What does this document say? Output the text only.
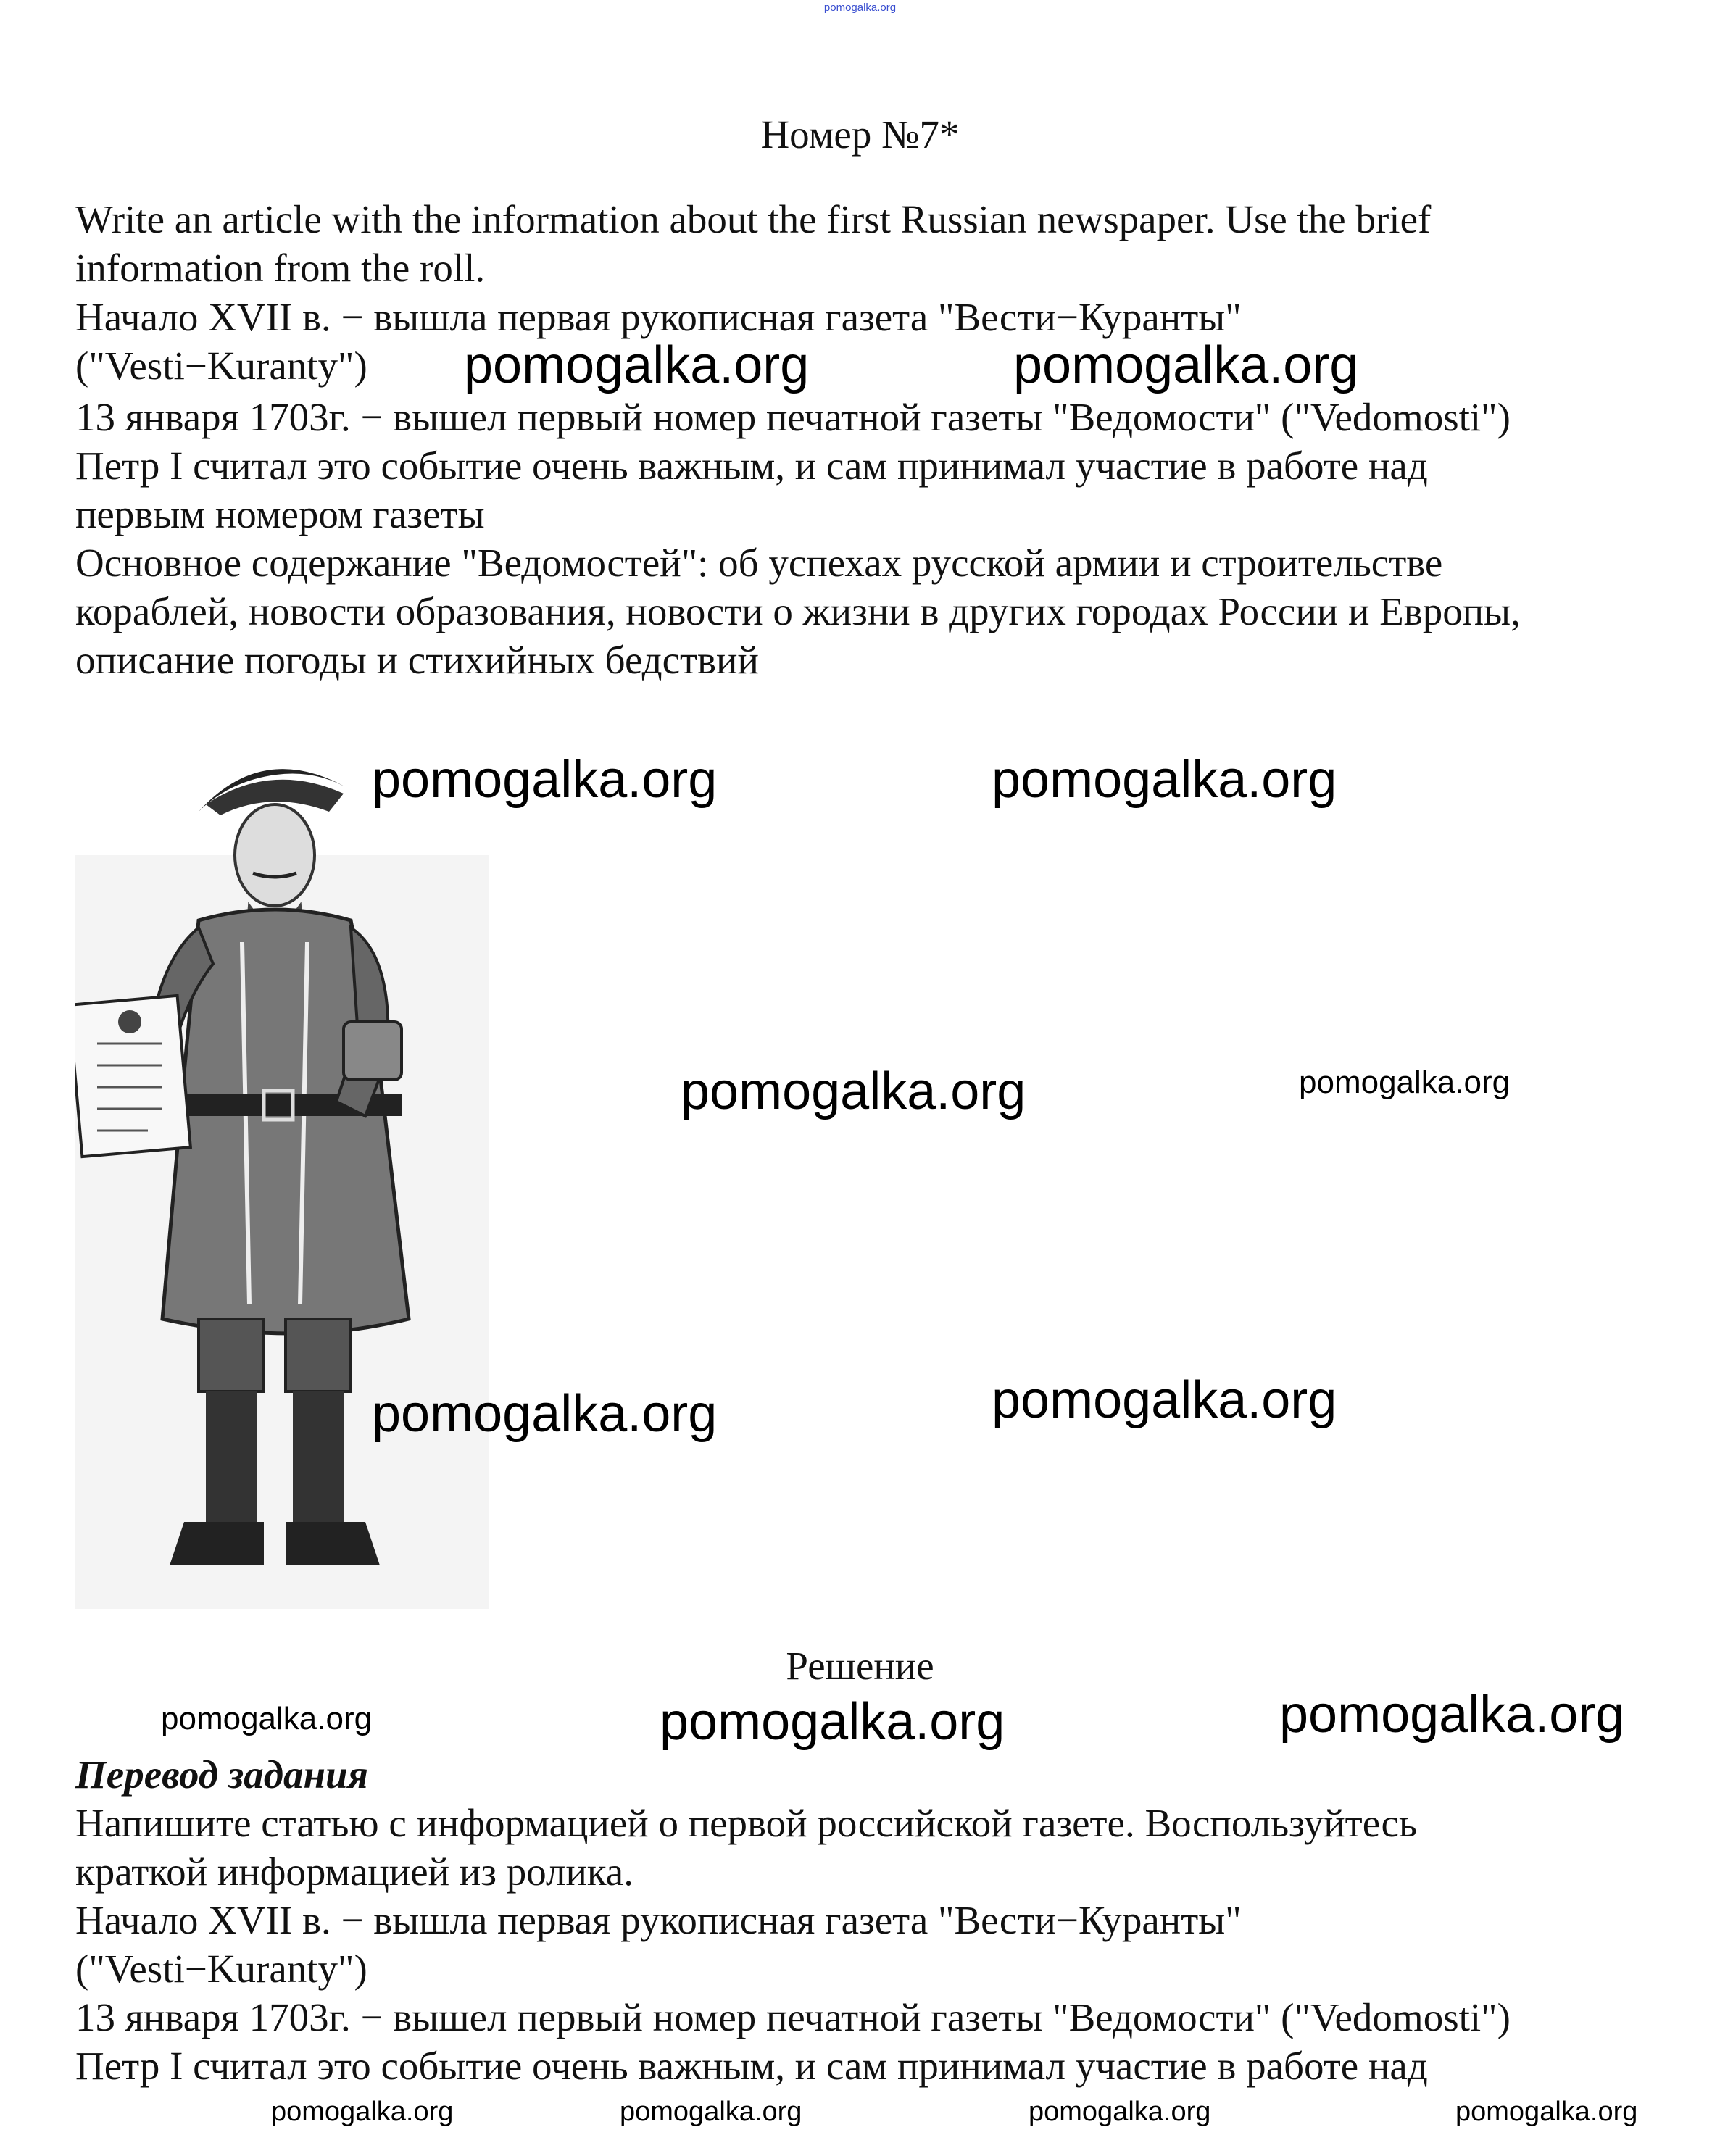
pomogalka.org
Номер №7*
Write an article with the information about the first Russian newspaper. Use the brief
information from the roll.
Начало XVII в. − вышла первая рукописная газета "Вести−Куранты"
("Vesti−Kuranty")
13 января 1703г. − вышел первый номер печатной газеты "Ведомости" ("Vedomosti")
Петр I считал это событие очень важным, и сам принимал участие в работе над
первым номером газеты
Основное содержание "Ведомостей": об успехах русской армии и строительстве
кораблей, новости образования, новости о жизни в других городах России и Европы,
описание погоды и стихийных бедствий
pomogalka.org	pomogalka.org
pomogalka.org	pomogalka.org
pomogalka.org	pomogalka.org
pomogalka.org	pomogalka.org
Решение
pomogalka.org	pomogalka.org	pomogalka.org
Перевод задания
Напишите статью с информацией о первой российской газете. Воспользуйтесь
краткой информацией из ролика.
Начало XVII в. − вышла первая рукописная газета "Вести−Куранты"
("Vesti−Kuranty")
13 января 1703г. − вышел первый номер печатной газеты "Ведомости" ("Vedomosti")
Петр I считал это событие очень важным, и сам принимал участие в работе над
pomogalka.org	pomogalka.org	pomogalka.org	pomogalka.org
